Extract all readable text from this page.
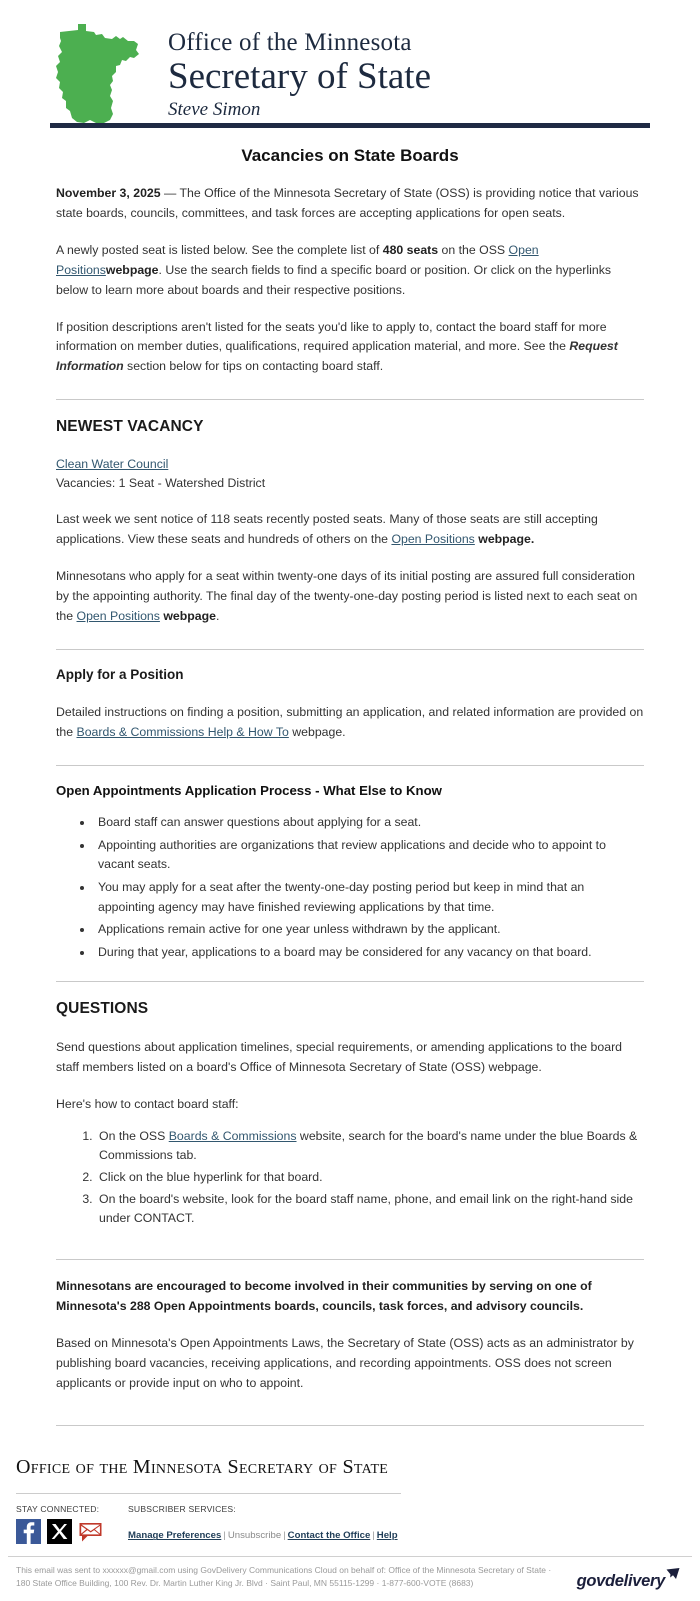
Office of the Minnesota
Secretary of State
Steve Simon
Vacancies on State Boards

November 3, 2025 — The Office of the Minnesota Secretary of State (OSS) is providing notice that various state boards, councils, committees, and task forces are accepting applications for open seats.

A newly posted seat is listed below. See the complete list of 480 seats on the OSS Open Positionswebpage. Use the search fields to find a specific board or position. Or click on the hyperlinks below to learn more about boards and their respective positions.

If position descriptions aren't listed for the seats you'd like to apply to, contact the board staff for more information on member duties, qualifications, required application material, and more. See the Request Information section below for tips on contacting board staff.

NEWEST VACANCY
Clean Water Council
Vacancies: 1 Seat - Watershed District

Last week we sent notice of 118 seats recently posted seats. Many of those seats are still accepting applications. View these seats and hundreds of others on the Open Positions webpage.

Minnesotans who apply for a seat within twenty-one days of its initial posting are assured full consideration by the appointing authority. The final day of the twenty-one-day posting period is listed next to each seat on the Open Positions webpage.

Apply for a Position

Detailed instructions on finding a position, submitting an application, and related information are provided on the Boards & Commissions Help & How To webpage.

Open Appointments Application Process - What Else to Know
• Board staff can answer questions about applying for a seat.
• Appointing authorities are organizations that review applications and decide who to appoint to vacant seats.
• You may apply for a seat after the twenty-one-day posting period but keep in mind that an appointing agency may have finished reviewing applications by that time.
• Applications remain active for one year unless withdrawn by the applicant.
• During that year, applications to a board may be considered for any vacancy on that board.
QUESTIONS

Send questions about application timelines, special requirements, or amending applications to the board staff members listed on a board's Office of Minnesota Secretary of State (OSS) webpage.

Here's how to contact board staff:

1. On the OSS Boards & Commissions website, search for the board's name under the blue Boards & Commissions tab.
2. Click on the blue hyperlink for that board.
3. On the board's website, look for the board staff name, phone, and email link on the right-hand side under CONTACT.

Minnesotans are encouraged to become involved in their communities by serving on one of Minnesota's 288 Open Appointments boards, councils, task forces, and advisory councils.

Based on Minnesota's Open Appointments Laws, the Secretary of State (OSS) acts as an administrator by publishing board vacancies, receiving applications, and recording appointments. OSS does not screen applicants or provide input on who to appoint.

Office of the Minnesota Secretary of State
STAY CONNECTED:	SUBSCRIBER SERVICES:
Manage Preferences | Unsubscribe | Contact the Office | Help
This email was sent to xxxxxx@gmail.com using GovDelivery Communications Cloud on behalf of: Office of the Minnesota Secretary of State · 180 State Office Building, 100 Rev. Dr. Martin Luther King Jr. Blvd · Saint Paul, MN 55115-1299 · 1-877-600-VOTE (8683)	govdelivery
